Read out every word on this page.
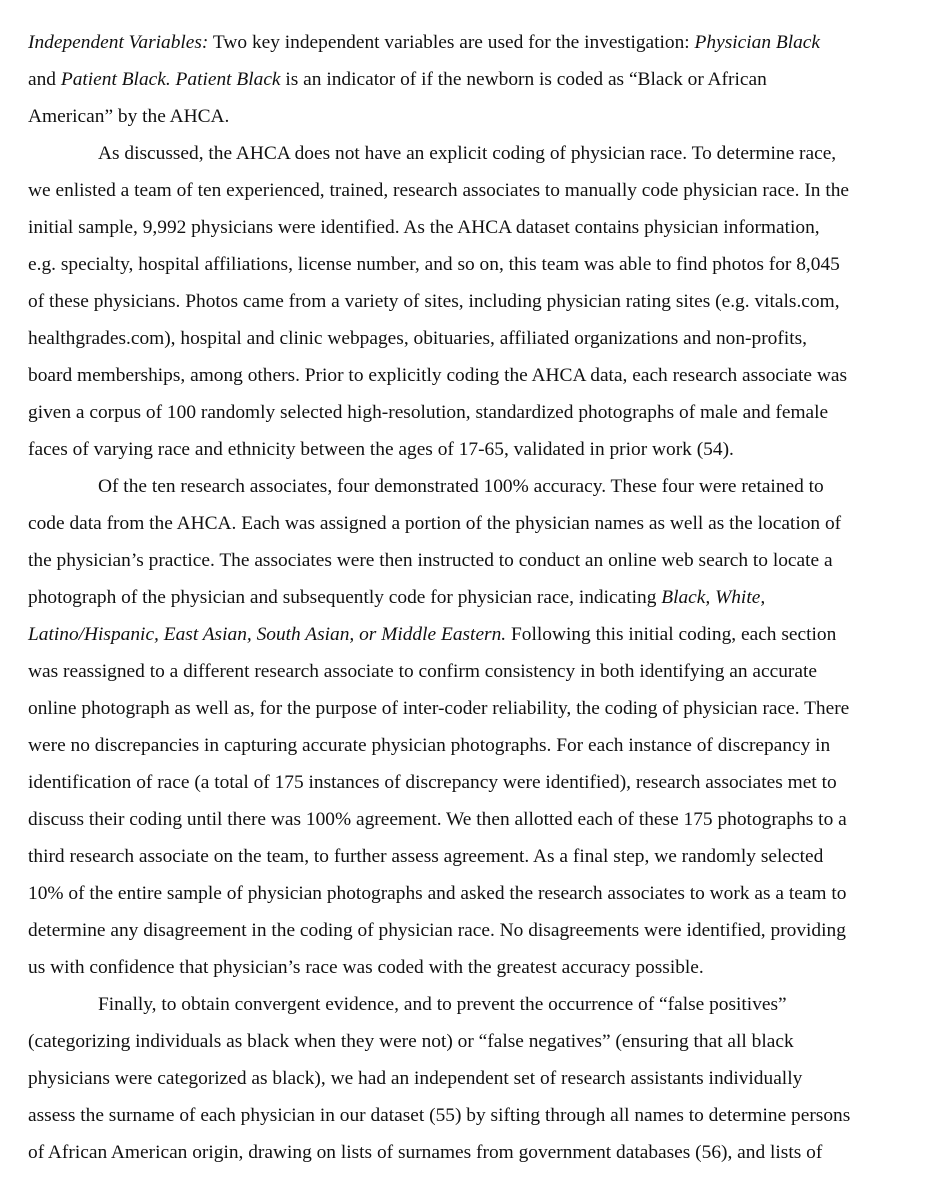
Independent Variables: Two key independent variables are used for the investigation: Physician Black
and Patient Black. Patient Black is an indicator of if the newborn is coded as “Black or African
American” by the AHCA.
As discussed, the AHCA does not have an explicit coding of physician race. To determine race,
we enlisted a team of ten experienced, trained, research associates to manually code physician race. In the
initial sample, 9,992 physicians were identified. As the AHCA dataset contains physician information,
e.g. specialty, hospital affiliations, license number, and so on, this team was able to find photos for 8,045
of these physicians. Photos came from a variety of sites, including physician rating sites (e.g. vitals.com,
healthgrades.com), hospital and clinic webpages, obituaries, affiliated organizations and non-profits,
board memberships, among others. Prior to explicitly coding the AHCA data, each research associate was
given a corpus of 100 randomly selected high-resolution, standardized photographs of male and female
faces of varying race and ethnicity between the ages of 17-65, validated in prior work (54).
Of the ten research associates, four demonstrated 100% accuracy. These four were retained to
code data from the AHCA. Each was assigned a portion of the physician names as well as the location of
the physician’s practice. The associates were then instructed to conduct an online web search to locate a
photograph of the physician and subsequently code for physician race, indicating Black, White,
Latino/Hispanic, East Asian, South Asian, or Middle Eastern. Following this initial coding, each section
was reassigned to a different research associate to confirm consistency in both identifying an accurate
online photograph as well as, for the purpose of inter-coder reliability, the coding of physician race. There
were no discrepancies in capturing accurate physician photographs. For each instance of discrepancy in
identification of race (a total of 175 instances of discrepancy were identified), research associates met to
discuss their coding until there was 100% agreement. We then allotted each of these 175 photographs to a
third research associate on the team, to further assess agreement. As a final step, we randomly selected
10% of the entire sample of physician photographs and asked the research associates to work as a team to
determine any disagreement in the coding of physician race. No disagreements were identified, providing
us with confidence that physician’s race was coded with the greatest accuracy possible.
Finally, to obtain convergent evidence, and to prevent the occurrence of “false positives”
(categorizing individuals as black when they were not) or “false negatives” (ensuring that all black
physicians were categorized as black), we had an independent set of research assistants individually
assess the surname of each physician in our dataset (55) by sifting through all names to determine persons
of African American origin, drawing on lists of surnames from government databases (56), and lists of
